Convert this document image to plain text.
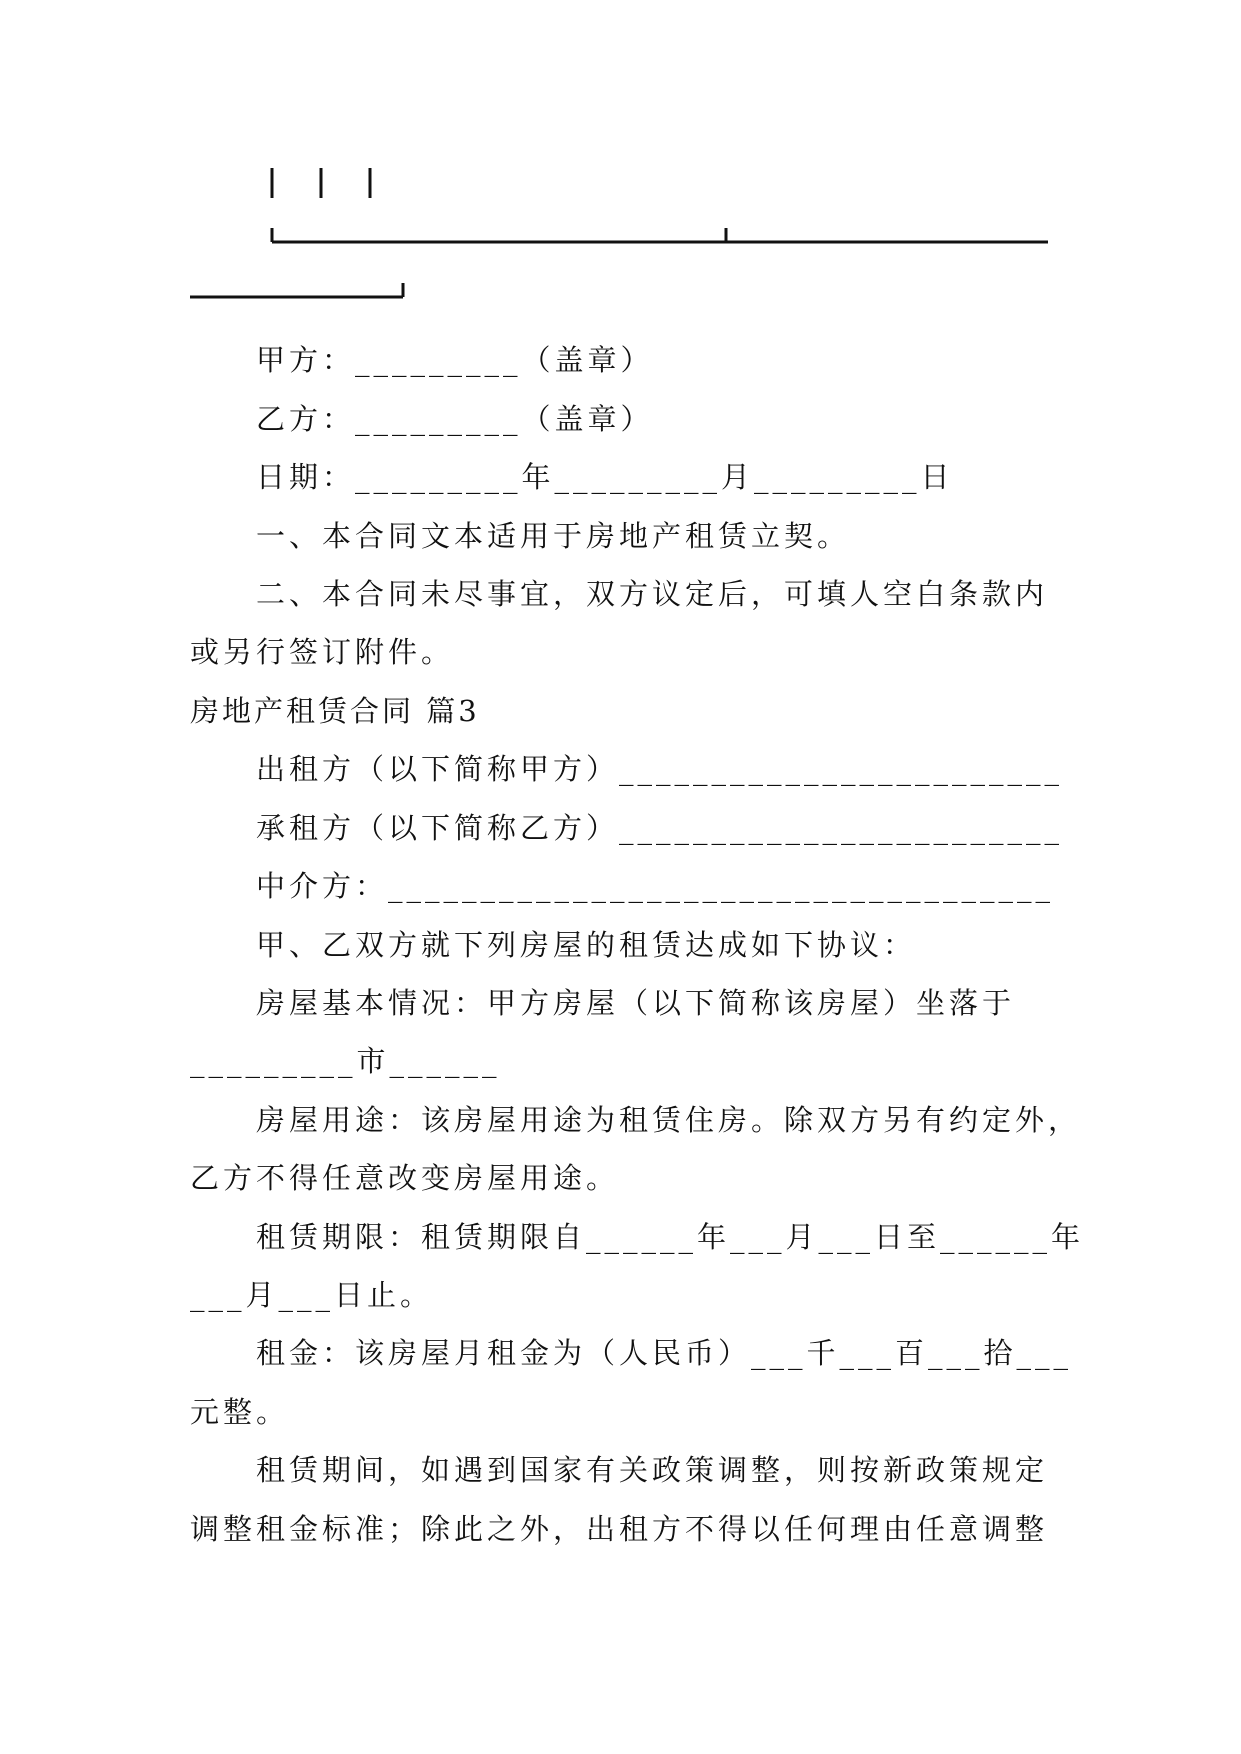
甲方：_________（盖章）
乙方：_________（盖章）
日期：_________年_________月_________日
一、本合同文本适用于房地产租赁立契。
二、本合同未尽事宜，双方议定后，可填人空白条款内
或另行签订附件。
房地产租赁合同 篇3
出租方（以下简称甲方）________________________
承租方（以下简称乙方）________________________
中介方：____________________________________
甲、乙双方就下列房屋的租赁达成如下协议：
房屋基本情况：甲方房屋（以下简称该房屋）坐落于
_________市______
房屋用途：该房屋用途为租赁住房。除双方另有约定外，
乙方不得任意改变房屋用途。
租赁期限：租赁期限自______年___月___日至______年
___月___日止。
租金：该房屋月租金为（人民币）___千___百___拾___
元整。
租赁期间，如遇到国家有关政策调整，则按新政策规定
调整租金标准；除此之外，出租方不得以任何理由任意调整
